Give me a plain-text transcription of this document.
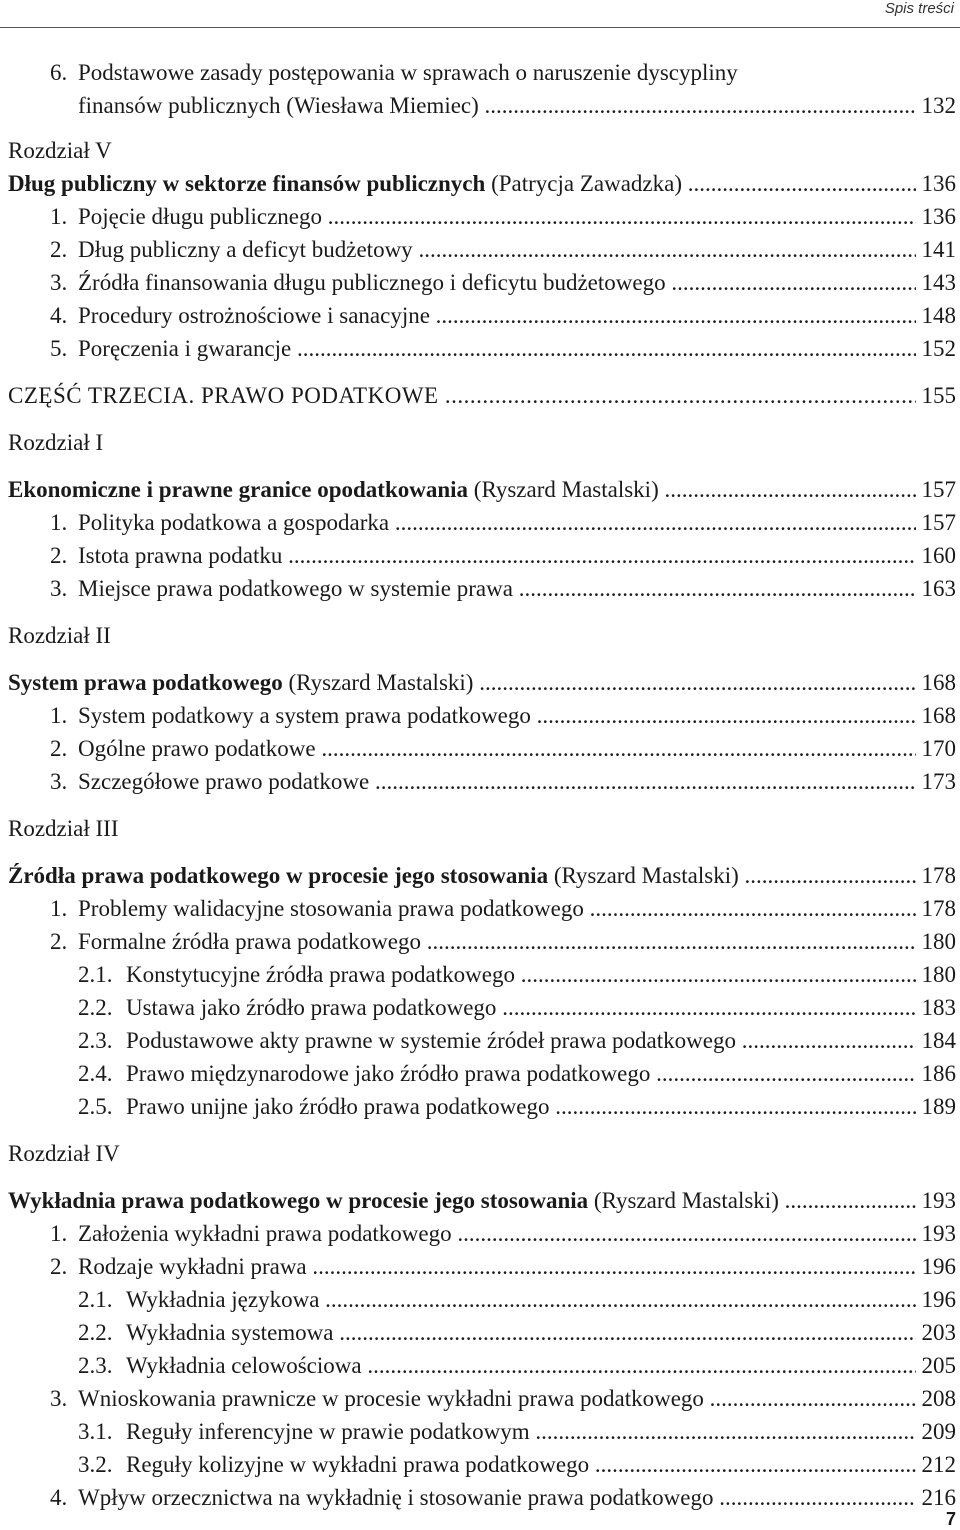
Spis treści
6. Podstawowe zasady postępowania w sprawach o naruszenie dyscypliny
finansów publicznych (Wiesława Miemiec) .....	132
Rozdział V
Dług publiczny w sektorze finansów publicznych (Patrycja Zawadzka) .....	136
1. Pojęcie długu publicznego .....	136
2. Dług publiczny a deficyt budżetowy .....	141
3. Źródła finansowania długu publicznego i deficytu budżetowego .....	143
4. Procedury ostrożnościowe i sanacyjne .....	148
5. Poręczenia i gwarancje .....	152
CZĘŚĆ TRZECIA. PRAWO PODATKOWE .....	155
Rozdział I
Ekonomiczne i prawne granice opodatkowania (Ryszard Mastalski) .....	157
1. Polityka podatkowa a gospodarka .....	157
2. Istota prawna podatku .....	160
3. Miejsce prawa podatkowego w systemie prawa .....	163
Rozdział II
System prawa podatkowego (Ryszard Mastalski) .....	168
1. System podatkowy a system prawa podatkowego .....	168
2. Ogólne prawo podatkowe .....	170
3. Szczegółowe prawo podatkowe .....	173
Rozdział III
Źródła prawa podatkowego w procesie jego stosowania (Ryszard Mastalski) .....	178
1. Problemy walidacyjne stosowania prawa podatkowego .....	178
2. Formalne źródła prawa podatkowego .....	180
2.1. Konstytucyjne źródła prawa podatkowego .....	180
2.2. Ustawa jako źródło prawa podatkowego .....	183
2.3. Podustawowe akty prawne w systemie źródeł prawa podatkowego .....	184
2.4. Prawo międzynarodowe jako źródło prawa podatkowego .....	186
2.5. Prawo unijne jako źródło prawa podatkowego .....	189
Rozdział IV
Wykładnia prawa podatkowego w procesie jego stosowania (Ryszard Mastalski) .....	193
1. Założenia wykładni prawa podatkowego .....	193
2. Rodzaje wykładni prawa .....	196
2.1. Wykładnia językowa .....	196
2.2. Wykładnia systemowa .....	203
2.3. Wykładnia celowościowa .....	205
3. Wnioskowania prawnicze w procesie wykładni prawa podatkowego .....	208
3.1. Reguły inferencyjne w prawie podatkowym .....	209
3.2. Reguły kolizyjne w wykładni prawa podatkowego .....	212
4. Wpływ orzecznictwa na wykładnię i stosowanie prawa podatkowego .....	216
7
